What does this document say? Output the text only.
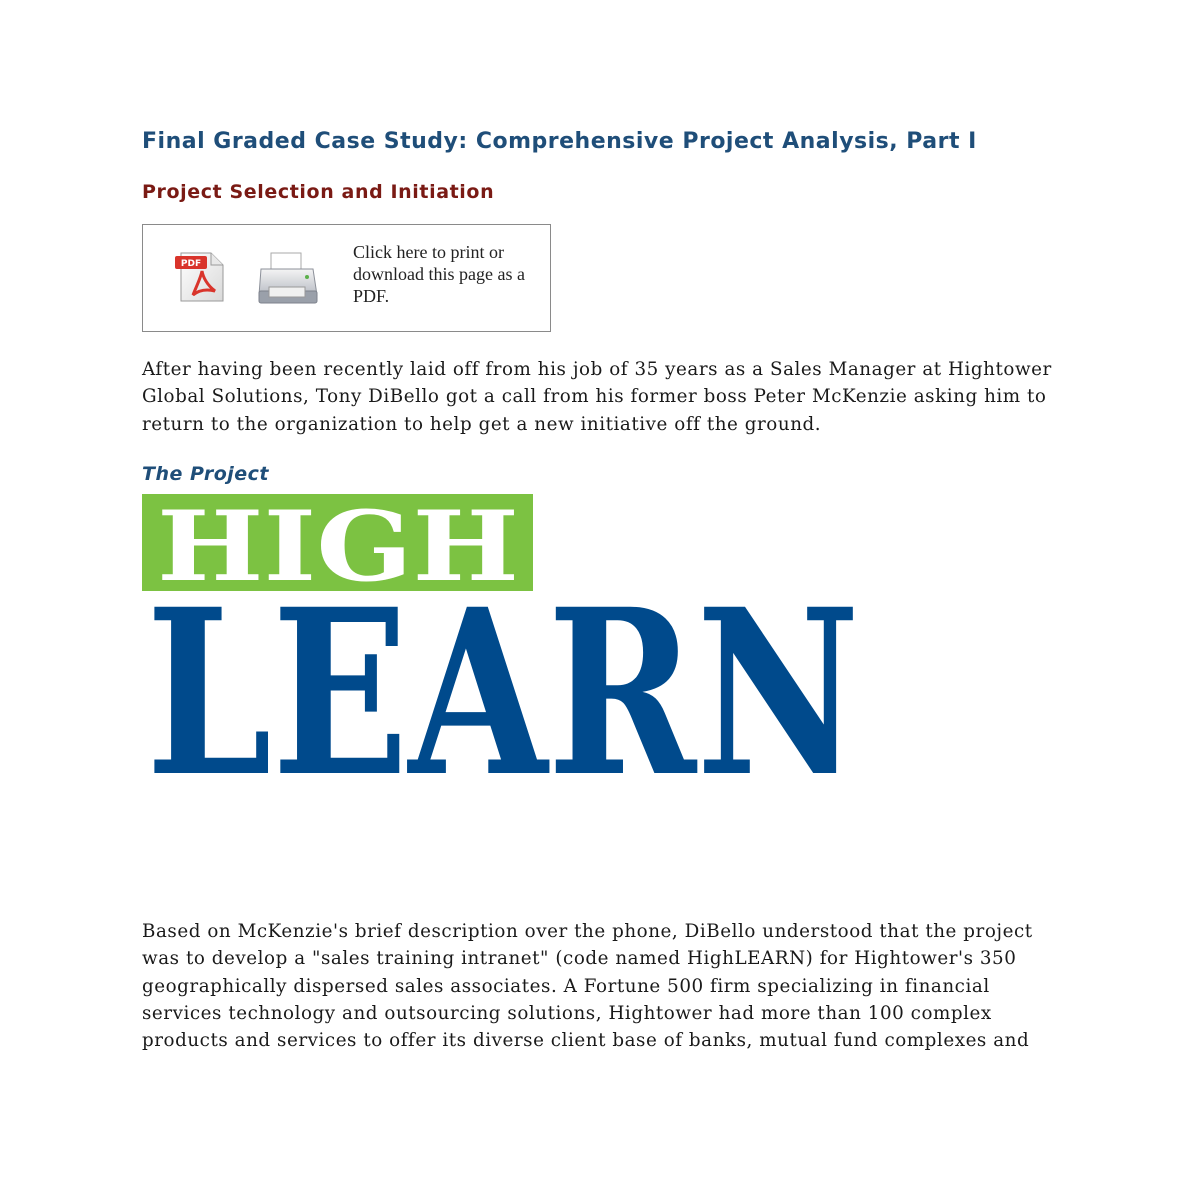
Final Graded Case Study: Comprehensive Project Analysis, Part I
Project Selection and Initiation
PDF
Click here to print or download this page as a PDF.

After having been recently laid off from his job of 35 years as a Sales Manager at Hightower Global Solutions, Tony DiBello got a call from his former boss Peter McKenzie asking him to return to the organization to help get a new initiative off the ground.

The Project
HIGH
LEARN

Based on McKenzie's brief description over the phone, DiBello understood that the project was to develop a "sales training intranet" (code named HighLEARN) for Hightower's 350 geographically dispersed sales associates. A Fortune 500 firm specializing in financial services technology and outsourcing solutions, Hightower had more than 100 complex products and services to offer its diverse client base of banks, mutual fund complexes and
